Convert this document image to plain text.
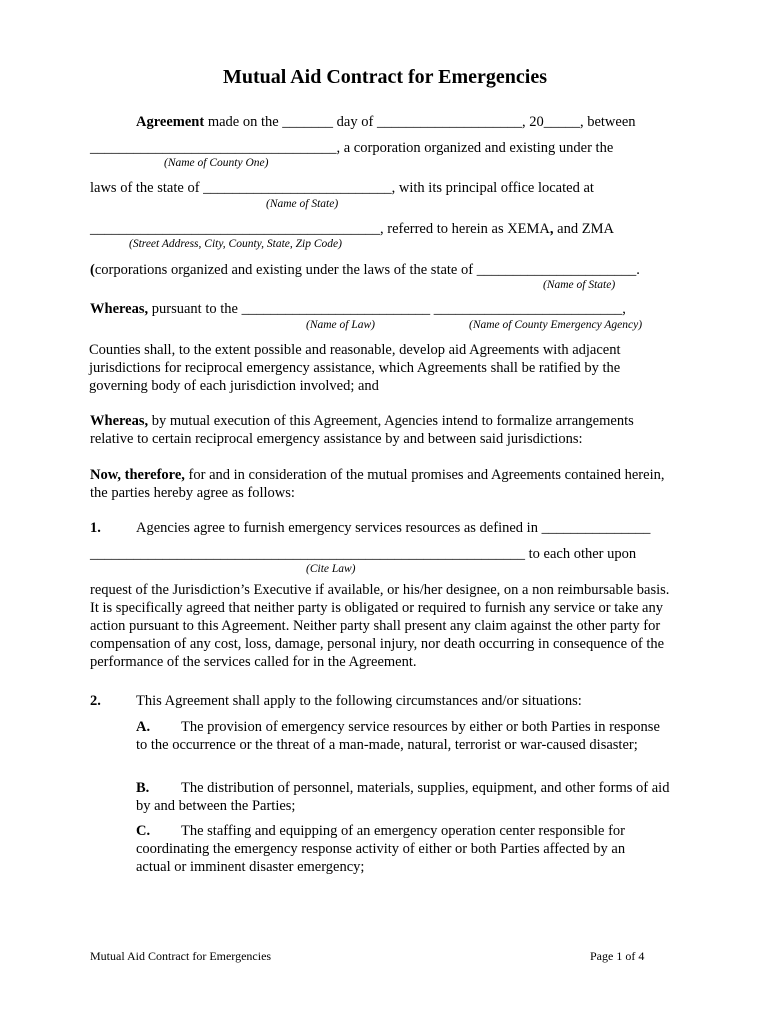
Mutual Aid Contract for Emergencies
Agreement made on the _______ day of ____________________, 20_____, between
__________________________________, a corporation organized and existing under the
(Name of County One)
laws of the state of __________________________, with its principal office located at
(Name of State)
________________________________________, referred to herein as XEMA, and ZMA
(Street Address, City, County, State, Zip Code)
(corporations organized and existing under the laws of the state of ______________________.
(Name of State)
Whereas, pursuant to the __________________________ __________________________,
(Name of Law)	(Name of County Emergency Agency)
Counties shall, to the extent possible and reasonable, develop aid Agreements with adjacent jurisdictions for reciprocal emergency assistance, which Agreements shall be ratified by the governing body of each jurisdiction involved; and
Whereas, by mutual execution of this Agreement, Agencies intend to formalize arrangements relative to certain reciprocal emergency assistance by and between said jurisdictions:
Now, therefore, for and in consideration of the mutual promises and Agreements contained herein, the parties hereby agree as follows:
1. Agencies agree to furnish emergency services resources as defined in _______________
____________________________________________________________ to each other upon
(Cite Law)
request of the Jurisdiction’s Executive if available, or his/her designee, on a non reimbursable basis. It is specifically agreed that neither party is obligated or required to furnish any service or take any action pursuant to this Agreement. Neither party shall present any claim against the other party for compensation of any cost, loss, damage, personal injury, nor death occurring in consequence of the performance of the services called for in the Agreement.
2. This Agreement shall apply to the following circumstances and/or situations:
A. The provision of emergency service resources by either or both Parties in response to the occurrence or the threat of a man-made, natural, terrorist or war-caused disaster;
B. The distribution of personnel, materials, supplies, equipment, and other forms of aid by and between the Parties;
C. The staffing and equipping of an emergency operation center responsible for coordinating the emergency response activity of either or both Parties affected by an actual or imminent disaster emergency;
Mutual Aid Contract for Emergencies	Page 1 of 4
